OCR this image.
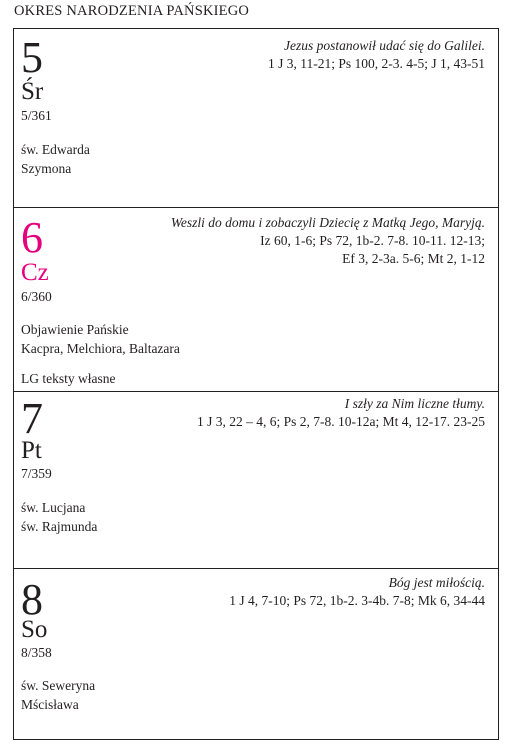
OKRES NARODZENIA PAŃSKIEGO
5
Śr
5/361
św. Edwarda
Szymona
Jezus postanowił udać się do Galilei.
1 J 3, 11-21; Ps 100, 2-3. 4-5; J 1, 43-51
6
Cz
6/360
Objawienie Pańskie
Kacpra, Melchiora, Baltazara
LG teksty własne
Weszli do domu i zobaczyli Dziecię z Matką Jego, Maryją.
Iz 60, 1-6; Ps 72, 1b-2. 7-8. 10-11. 12-13;
Ef 3, 2-3a. 5-6; Mt 2, 1-12
7
Pt
7/359
św. Lucjana
św. Rajmunda
I szły za Nim liczne tłumy.
1 J 3, 22 – 4, 6; Ps 2, 7-8. 10-12a; Mt 4, 12-17. 23-25
8
So
8/358
św. Seweryna
Mścisława
Bóg jest miłością.
1 J 4, 7-10; Ps 72, 1b-2. 3-4b. 7-8; Mk 6, 34-44
